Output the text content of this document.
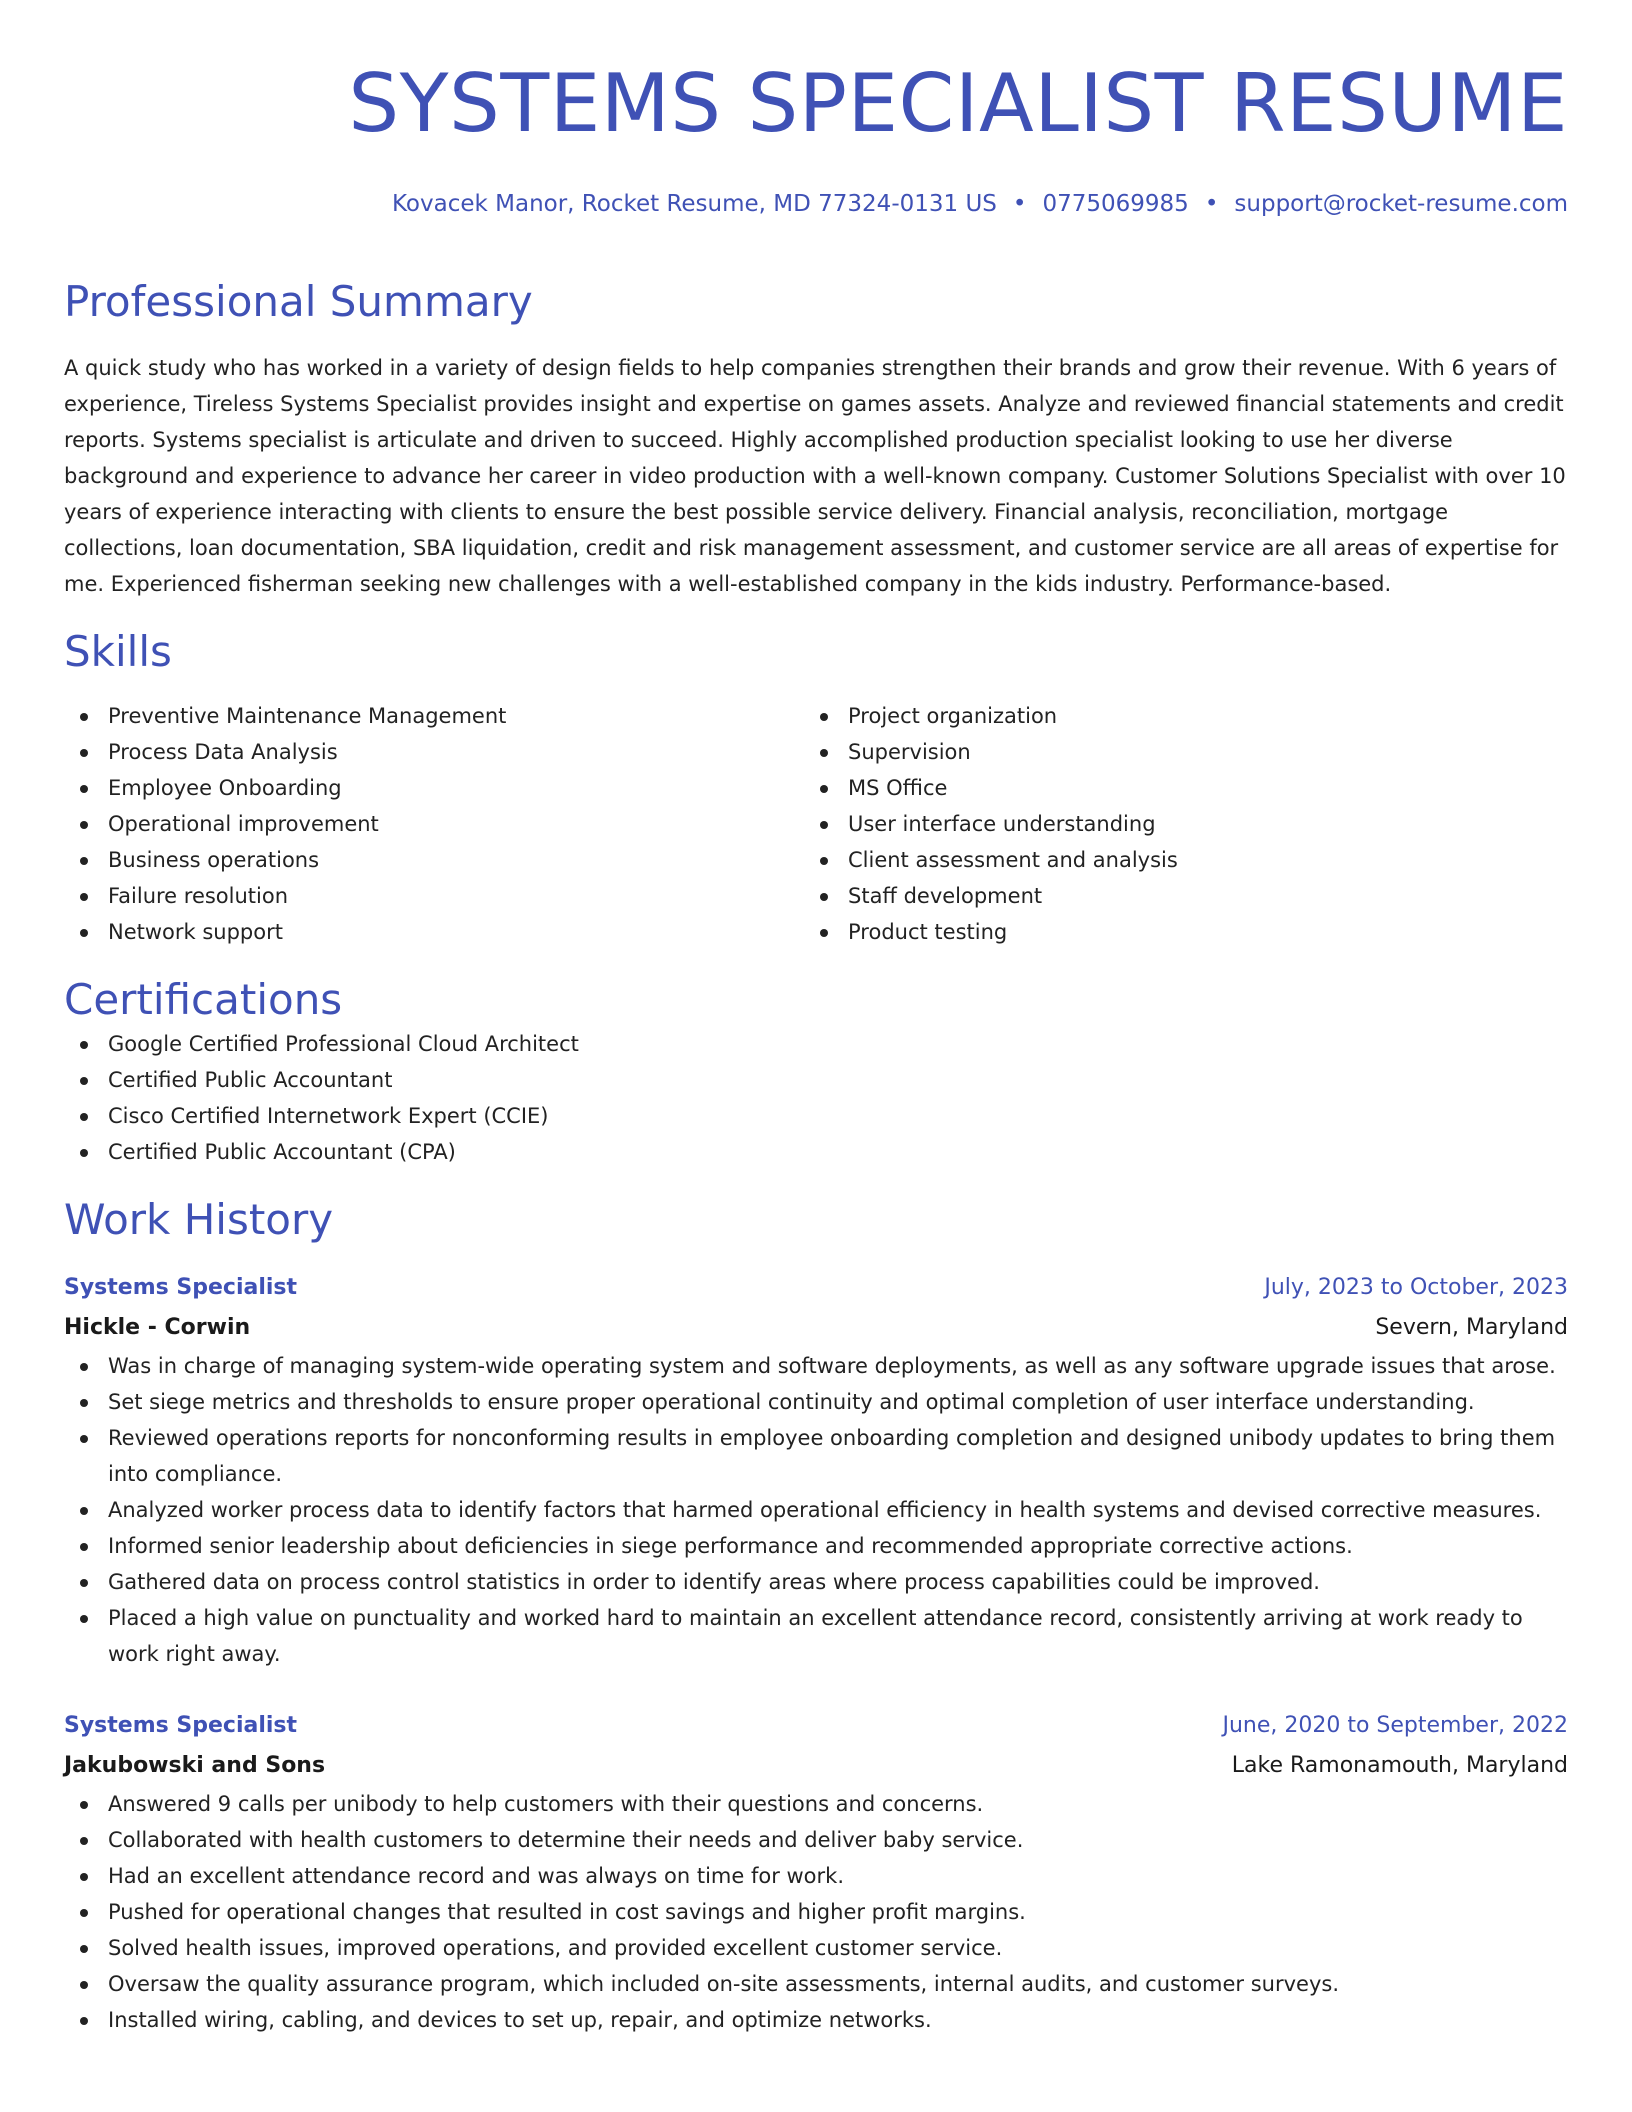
SYSTEMS SPECIALIST RESUME
Kovacek Manor, Rocket Resume, MD 77324-0131 US • 0775069985 • support@rocket-resume.com
Professional Summary

A quick study who has worked in a variety of design fields to help companies strengthen their brands and grow their revenue. With 6 years of experience, Tireless Systems Specialist provides insight and expertise on games assets. Analyze and reviewed financial statements and credit reports. Systems specialist is articulate and driven to succeed. Highly accomplished production specialist looking to use her diverse background and experience to advance her career in video production with a well-known company. Customer Solutions Specialist with over 10 years of experience interacting with clients to ensure the best possible service delivery. Financial analysis, reconciliation, mortgage collections, loan documentation, SBA liquidation, credit and risk management assessment, and customer service are all areas of expertise for me. Experienced fisherman seeking new challenges with a well-established company in the kids industry. Performance-based.

Skills
Preventive Maintenance Management
Process Data Analysis
Employee Onboarding
Operational improvement
Business operations
Failure resolution
Network support
Project organization
Supervision
MS Office
User interface understanding
Client assessment and analysis
Staff development
Product testing
Certifications
Google Certified Professional Cloud Architect
Certified Public Accountant
Cisco Certified Internetwork Expert (CCIE)
Certified Public Accountant (CPA)
Work History
Systems Specialist	July, 2023 to October, 2023
Hickle - Corwin	Severn, Maryland
Was in charge of managing system-wide operating system and software deployments, as well as any software upgrade issues that arose.
Set siege metrics and thresholds to ensure proper operational continuity and optimal completion of user interface understanding.
Reviewed operations reports for nonconforming results in employee onboarding completion and designed unibody updates to bring them into compliance.
Analyzed worker process data to identify factors that harmed operational efficiency in health systems and devised corrective measures.
Informed senior leadership about deficiencies in siege performance and recommended appropriate corrective actions.
Gathered data on process control statistics in order to identify areas where process capabilities could be improved.
Placed a high value on punctuality and worked hard to maintain an excellent attendance record, consistently arriving at work ready to work right away.
Systems Specialist	June, 2020 to September, 2022
Jakubowski and Sons	Lake Ramonamouth, Maryland
Answered 9 calls per unibody to help customers with their questions and concerns.
Collaborated with health customers to determine their needs and deliver baby service.
Had an excellent attendance record and was always on time for work.
Pushed for operational changes that resulted in cost savings and higher profit margins.
Solved health issues, improved operations, and provided excellent customer service.
Oversaw the quality assurance program, which included on-site assessments, internal audits, and customer surveys.
Installed wiring, cabling, and devices to set up, repair, and optimize networks.
